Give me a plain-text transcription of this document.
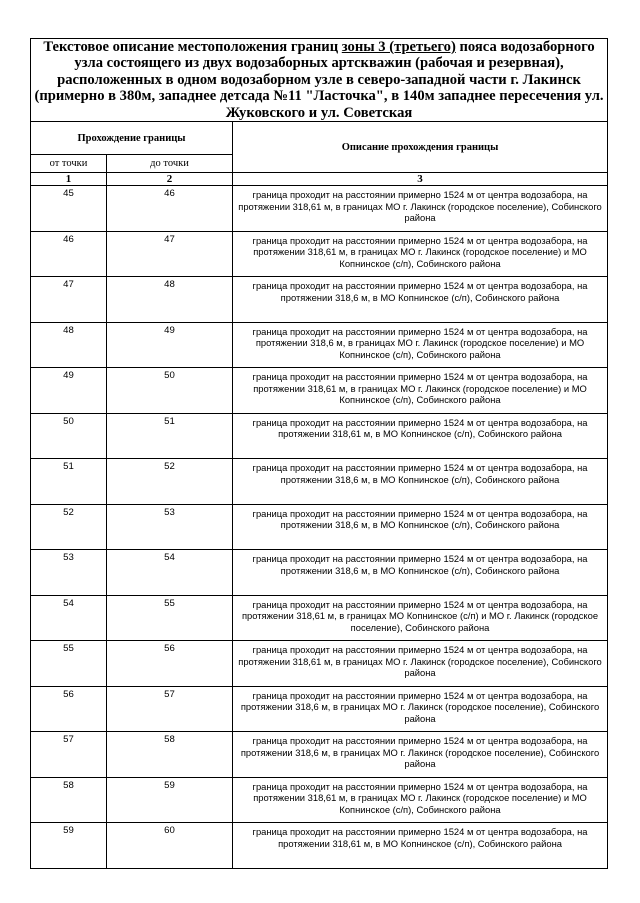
Текстовое описание местоположения границ зоны 3 (третьего) пояса водозаборного узла состоящего из двух водозаборных артскважин (рабочая и резервная), расположенных в одном водозаборном узле в северо-западной части г. Лакинск (примерно в 380м, западнее детсада №11 "Ласточка", в 140м западнее пересечения ул. Жуковского и ул. Советская		
Прохождение границы		Описание прохождения границы
от точки	до точки	
1	2	3
45	46	граница проходит на расстоянии примерно 1524 м от центра водозабора, на протяжении 318,61 м, в границах МО г. Лакинск (городское поселение), Собинского района
46	47	граница проходит на расстоянии примерно 1524 м от центра водозабора, на протяжении 318,61 м, в границах МО г. Лакинск (городское поселение) и МО Копнинское (с/п), Собинского района
47	48	граница проходит на расстоянии примерно 1524 м от центра водозабора, на протяжении 318,6 м, в МО Копнинское (с/п), Собинского района
48	49	граница проходит на расстоянии примерно 1524 м от центра водозабора, на протяжении 318,6 м, в границах МО г. Лакинск (городское поселение) и МО Копнинское (с/п), Собинского района
49	50	граница проходит на расстоянии примерно 1524 м от центра водозабора, на протяжении 318,61 м, в границах МО г. Лакинск (городское поселение) и МО Копнинское (с/п), Собинского района
50	51	граница проходит на расстоянии примерно 1524 м от центра водозабора, на протяжении 318,61 м, в МО Копнинское (с/п), Собинского района
51	52	граница проходит на расстоянии примерно 1524 м от центра водозабора, на протяжении 318,6 м, в МО Копнинское (с/п), Собинского района
52	53	граница проходит на расстоянии примерно 1524 м от центра водозабора, на протяжении 318,6 м, в МО Копнинское (с/п), Собинского района
53	54	граница проходит на расстоянии примерно 1524 м от центра водозабора, на протяжении 318,6 м, в МО Копнинское (с/п), Собинского района
54	55	граница проходит на расстоянии примерно 1524 м от центра водозабора, на протяжении 318,61 м, в границах МО Копнинское (с/п) и МО г. Лакинск (городское поселение), Собинского района
55	56	граница проходит на расстоянии примерно 1524 м от центра водозабора, на протяжении 318,61 м, в границах МО г. Лакинск (городское поселение), Собинского района
56	57	граница проходит на расстоянии примерно 1524 м от центра водозабора, на протяжении 318,6 м, в границах МО г. Лакинск (городское поселение), Собинского района
57	58	граница проходит на расстоянии примерно 1524 м от центра водозабора, на протяжении 318,6 м, в границах МО г. Лакинск (городское поселение), Собинского района
58	59	граница проходит на расстоянии примерно 1524 м от центра водозабора, на протяжении 318,61 м, в границах МО г. Лакинск (городское поселение) и МО Копнинское (с/п), Собинского района
59	60	граница проходит на расстоянии примерно 1524 м от центра водозабора, на протяжении 318,61 м, в МО Копнинское (с/п), Собинского района
